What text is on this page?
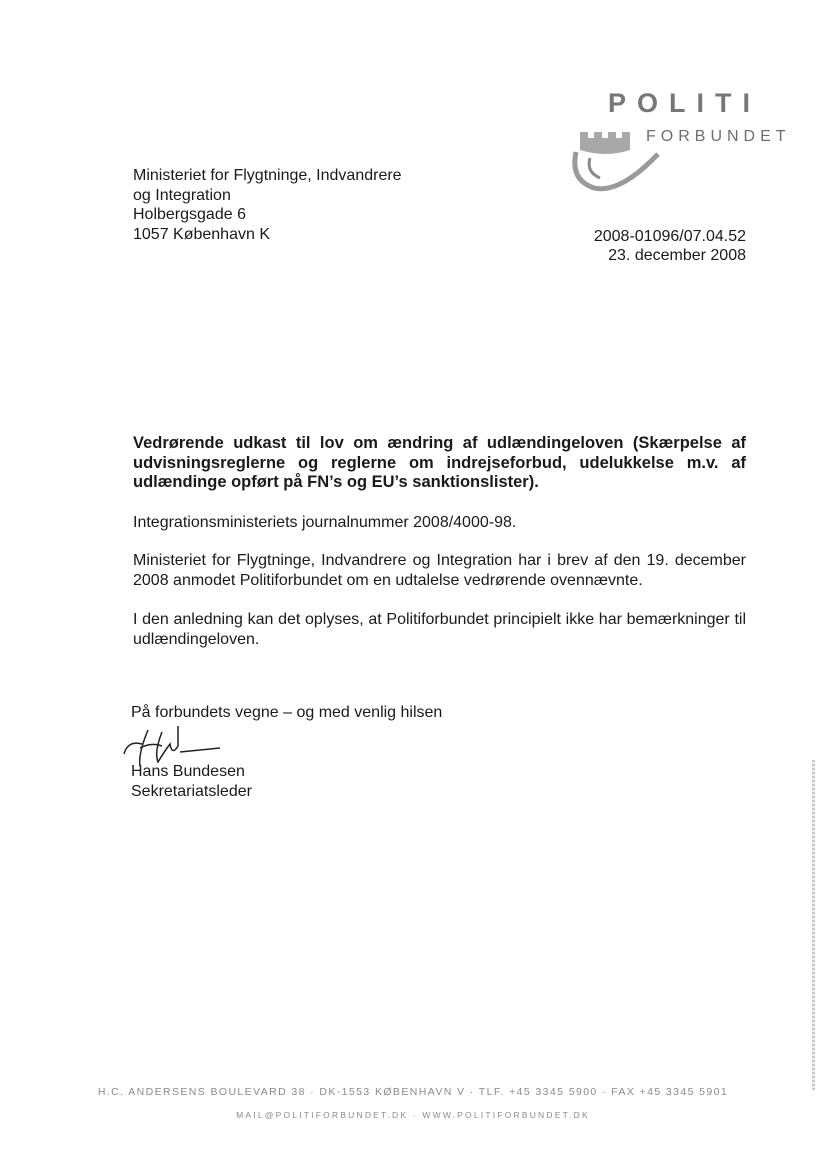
POLITI
FORBUNDET
Ministeriet for Flygtninge, Indvandrere
og Integration
Holbergsgade 6
1057 København K	2008-01096/07.04.52
23. december 2008
Vedrørende udkast til lov om ændring af udlændingeloven (Skærpelse af udvisningsreglerne og reglerne om indrejseforbud, udelukkelse m.v. af udlændinge opført på FN’s og EU’s sanktionslister).
Integrationsministeriets journalnummer 2008/4000-98.
Ministeriet for Flygtninge, Indvandrere og Integration har i brev af den 19. december 2008 anmodet Politiforbundet om en udtalelse vedrørende ovennævnte.
I den anledning kan det oplyses, at Politiforbundet principielt ikke har bemærkninger til udlændingeloven.
På forbundets vegne – og med venlig hilsen
Hans Bundesen
Sekretariatsleder
H.C. ANDERSENS BOULEVARD 38 · DK-1553 KØBENHAVN V · TLF. +45 3345 5900 · FAX +45 3345 5901
MAIL@POLITIFORBUNDET.DK · WWW.POLITIFORBUNDET.DK
